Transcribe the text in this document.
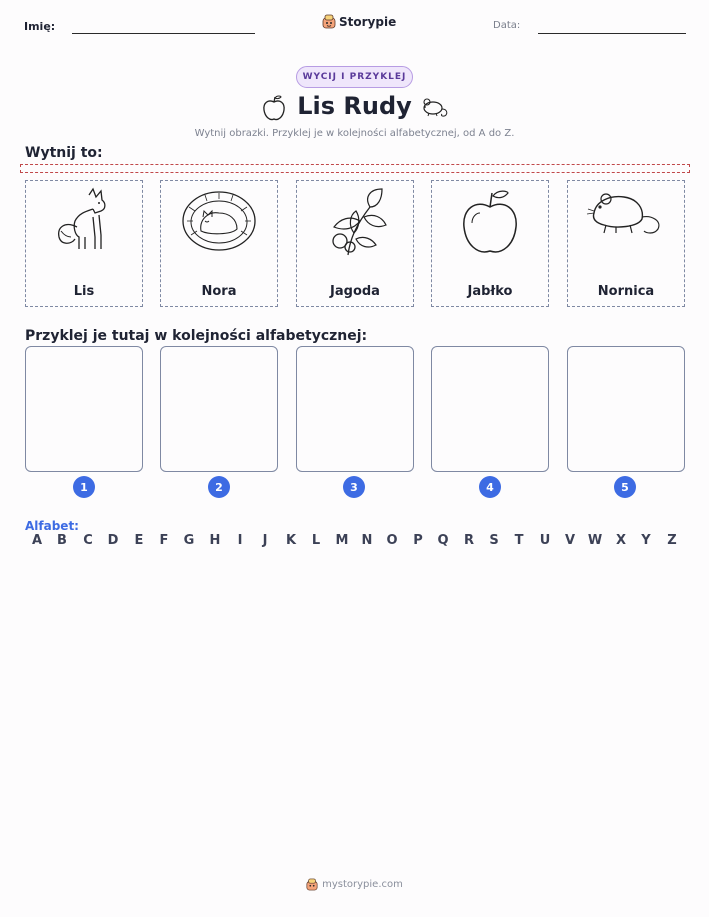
Imię:	Storypie	Data:
WYCIJ I PRZYKLEJ
Lis Rudy
Wytnij obrazki. Przyklej je w kolejności alfabetycznej, od A do Z.
Wytnij to:
Lis	Nora	Jagoda	Jabłko	Nornica
Przyklej je tutaj w kolejności alfabetycznej:
1	2	3	4	5
Alfabet:
A	B	C	D	E	F	G	H	I	J	K	L	M	N	O	P	Q	R	S	T	U	V W	X	Y	Z
mystorypie.com
